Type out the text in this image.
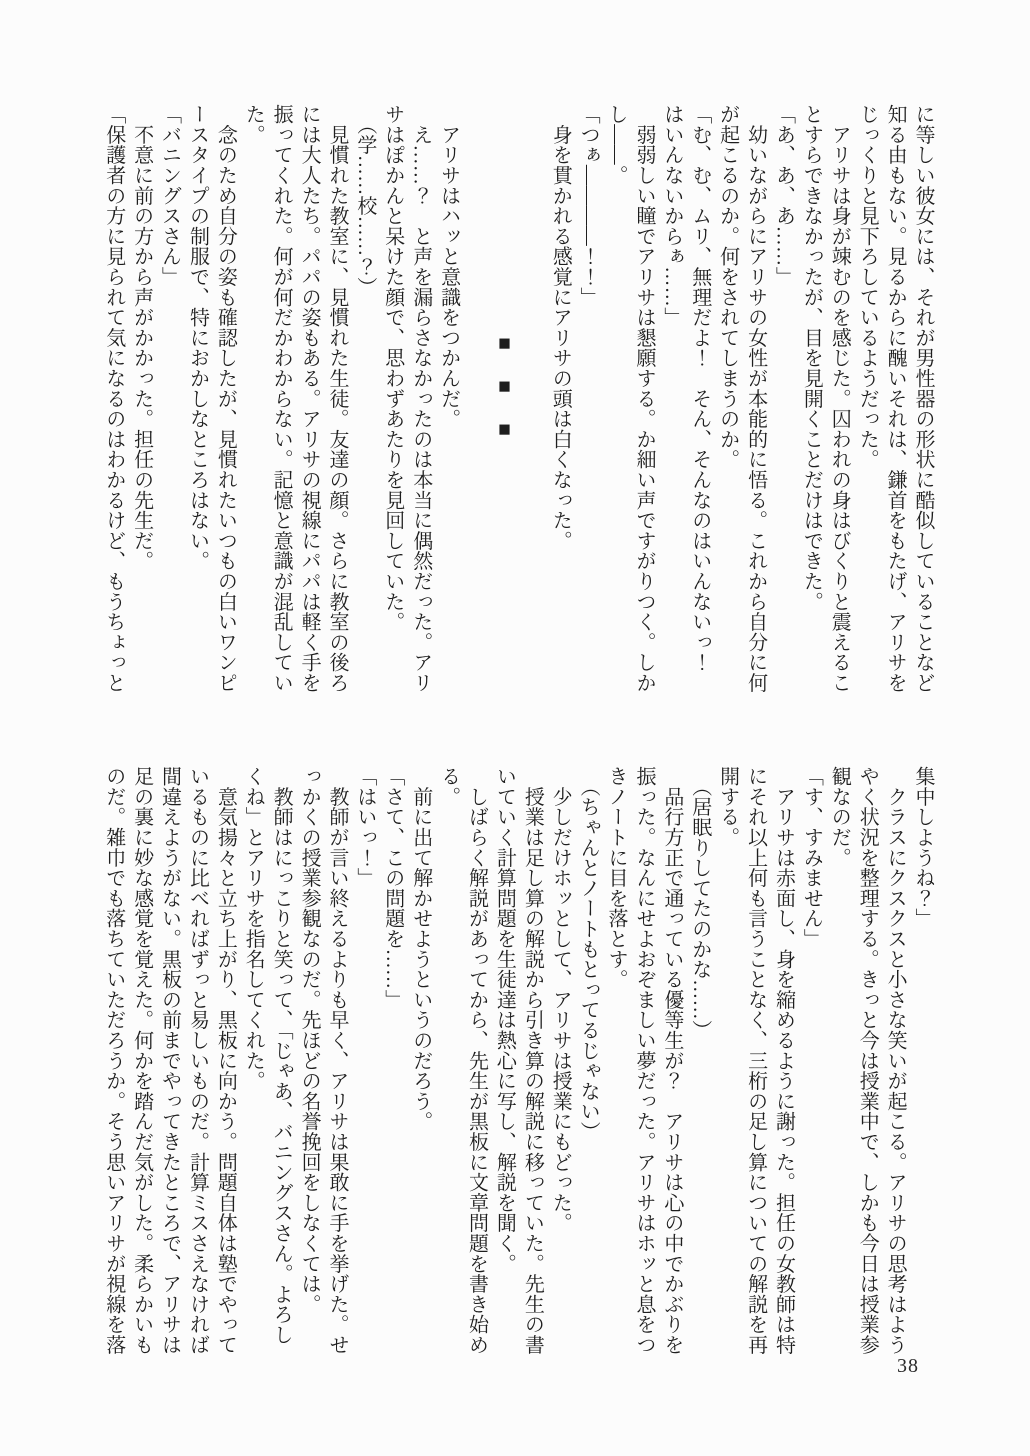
に等しい彼女には、それが男性器の形状に酷似していることなど

知る由もない。見るからに醜いそれは、鎌首をもたげ、アリサを

じっくりと見下ろしているようだった。

　アリサは身が竦むのを感じた。囚われの身はびくりと震えるこ

とすらできなかったが、目を見開くことだけはできた。

「あ、あ、あ……」

　幼いながらにアリサの女性が本能的に悟る。これから自分に何

が起こるのか。何をされてしまうのか。

「む、む、ムリ、無理だよ！　そん、そんなのはいんないっ！

はいんないからぁ……」

　弱弱しい瞳でアリサは懇願する。か細い声ですがりつく。しか

し――。

「つぁ――――！！」

　身を貫かれる感覚にアリサの頭は白くなった。

■■■

　アリサはハッと意識をつかんだ。

　え……？　と声を漏らさなかったのは本当に偶然だった。アリ

サはぽかんと呆けた顔で、思わずあたりを見回していた。

　（学……校……？）

　見慣れた教室に、見慣れた生徒。友達の顔。さらに教室の後ろ

には大人たち。パパの姿もある。アリサの視線にパパは軽く手を

振ってくれた。何が何だかわからない。記憶と意識が混乱してい

た。

　念のため自分の姿も確認したが、見慣れたいつもの白いワンピ

ースタイプの制服で、特におかしなところはない。

「バニングスさん」

　不意に前の方から声がかかった。担任の先生だ。

「保護者の方に見られて気になるのはわかるけど、もうちょっと

集中しようね？」

　クラスにクスクスと小さな笑いが起こる。アリサの思考はよう

やく状況を整理する。きっと今は授業中で、しかも今日は授業参

観なのだ。

「す、すみません」

　アリサは赤面し、身を縮めるように謝った。担任の女教師は特

にそれ以上何も言うことなく、三桁の足し算についての解説を再

開する。

　（居眠りしてたのかな……）

　品行方正で通っている優等生が？　アリサは心の中でかぶりを

振った。なんにせよおぞましい夢だった。アリサはホッと息をつ

きノートに目を落とす。

　（ちゃんとノートもとってるじゃない）

　少しだけホッとして、アリサは授業にもどった。

　授業は足し算の解説から引き算の解説に移っていた。先生の書

いていく計算問題を生徒達は熱心に写し、解説を聞く。

　しばらく解説があってから、先生が黒板に文章問題を書き始め

る。

　前に出て解かせようというのだろう。

「さて、この問題を……」

「はいっ！」

　教師が言い終えるよりも早く、アリサは果敢に手を挙げた。せ

っかくの授業参観なのだ。先ほどの名誉挽回をしなくては。

　教師はにっこりと笑って、「じゃあ、バニングスさん。よろし

くね」とアリサを指名してくれた。

　意気揚々と立ち上がり、黒板に向かう。問題自体は塾でやって

いるものに比べればずっと易しいものだ。計算ミスさえなければ

間違えようがない。黒板の前までやってきたところで、アリサは

足の裏に妙な感覚を覚えた。何かを踏んだ気がした。柔らかいも

のだ。雑巾でも落ちていただろうか。そう思いアリサが視線を落

38
